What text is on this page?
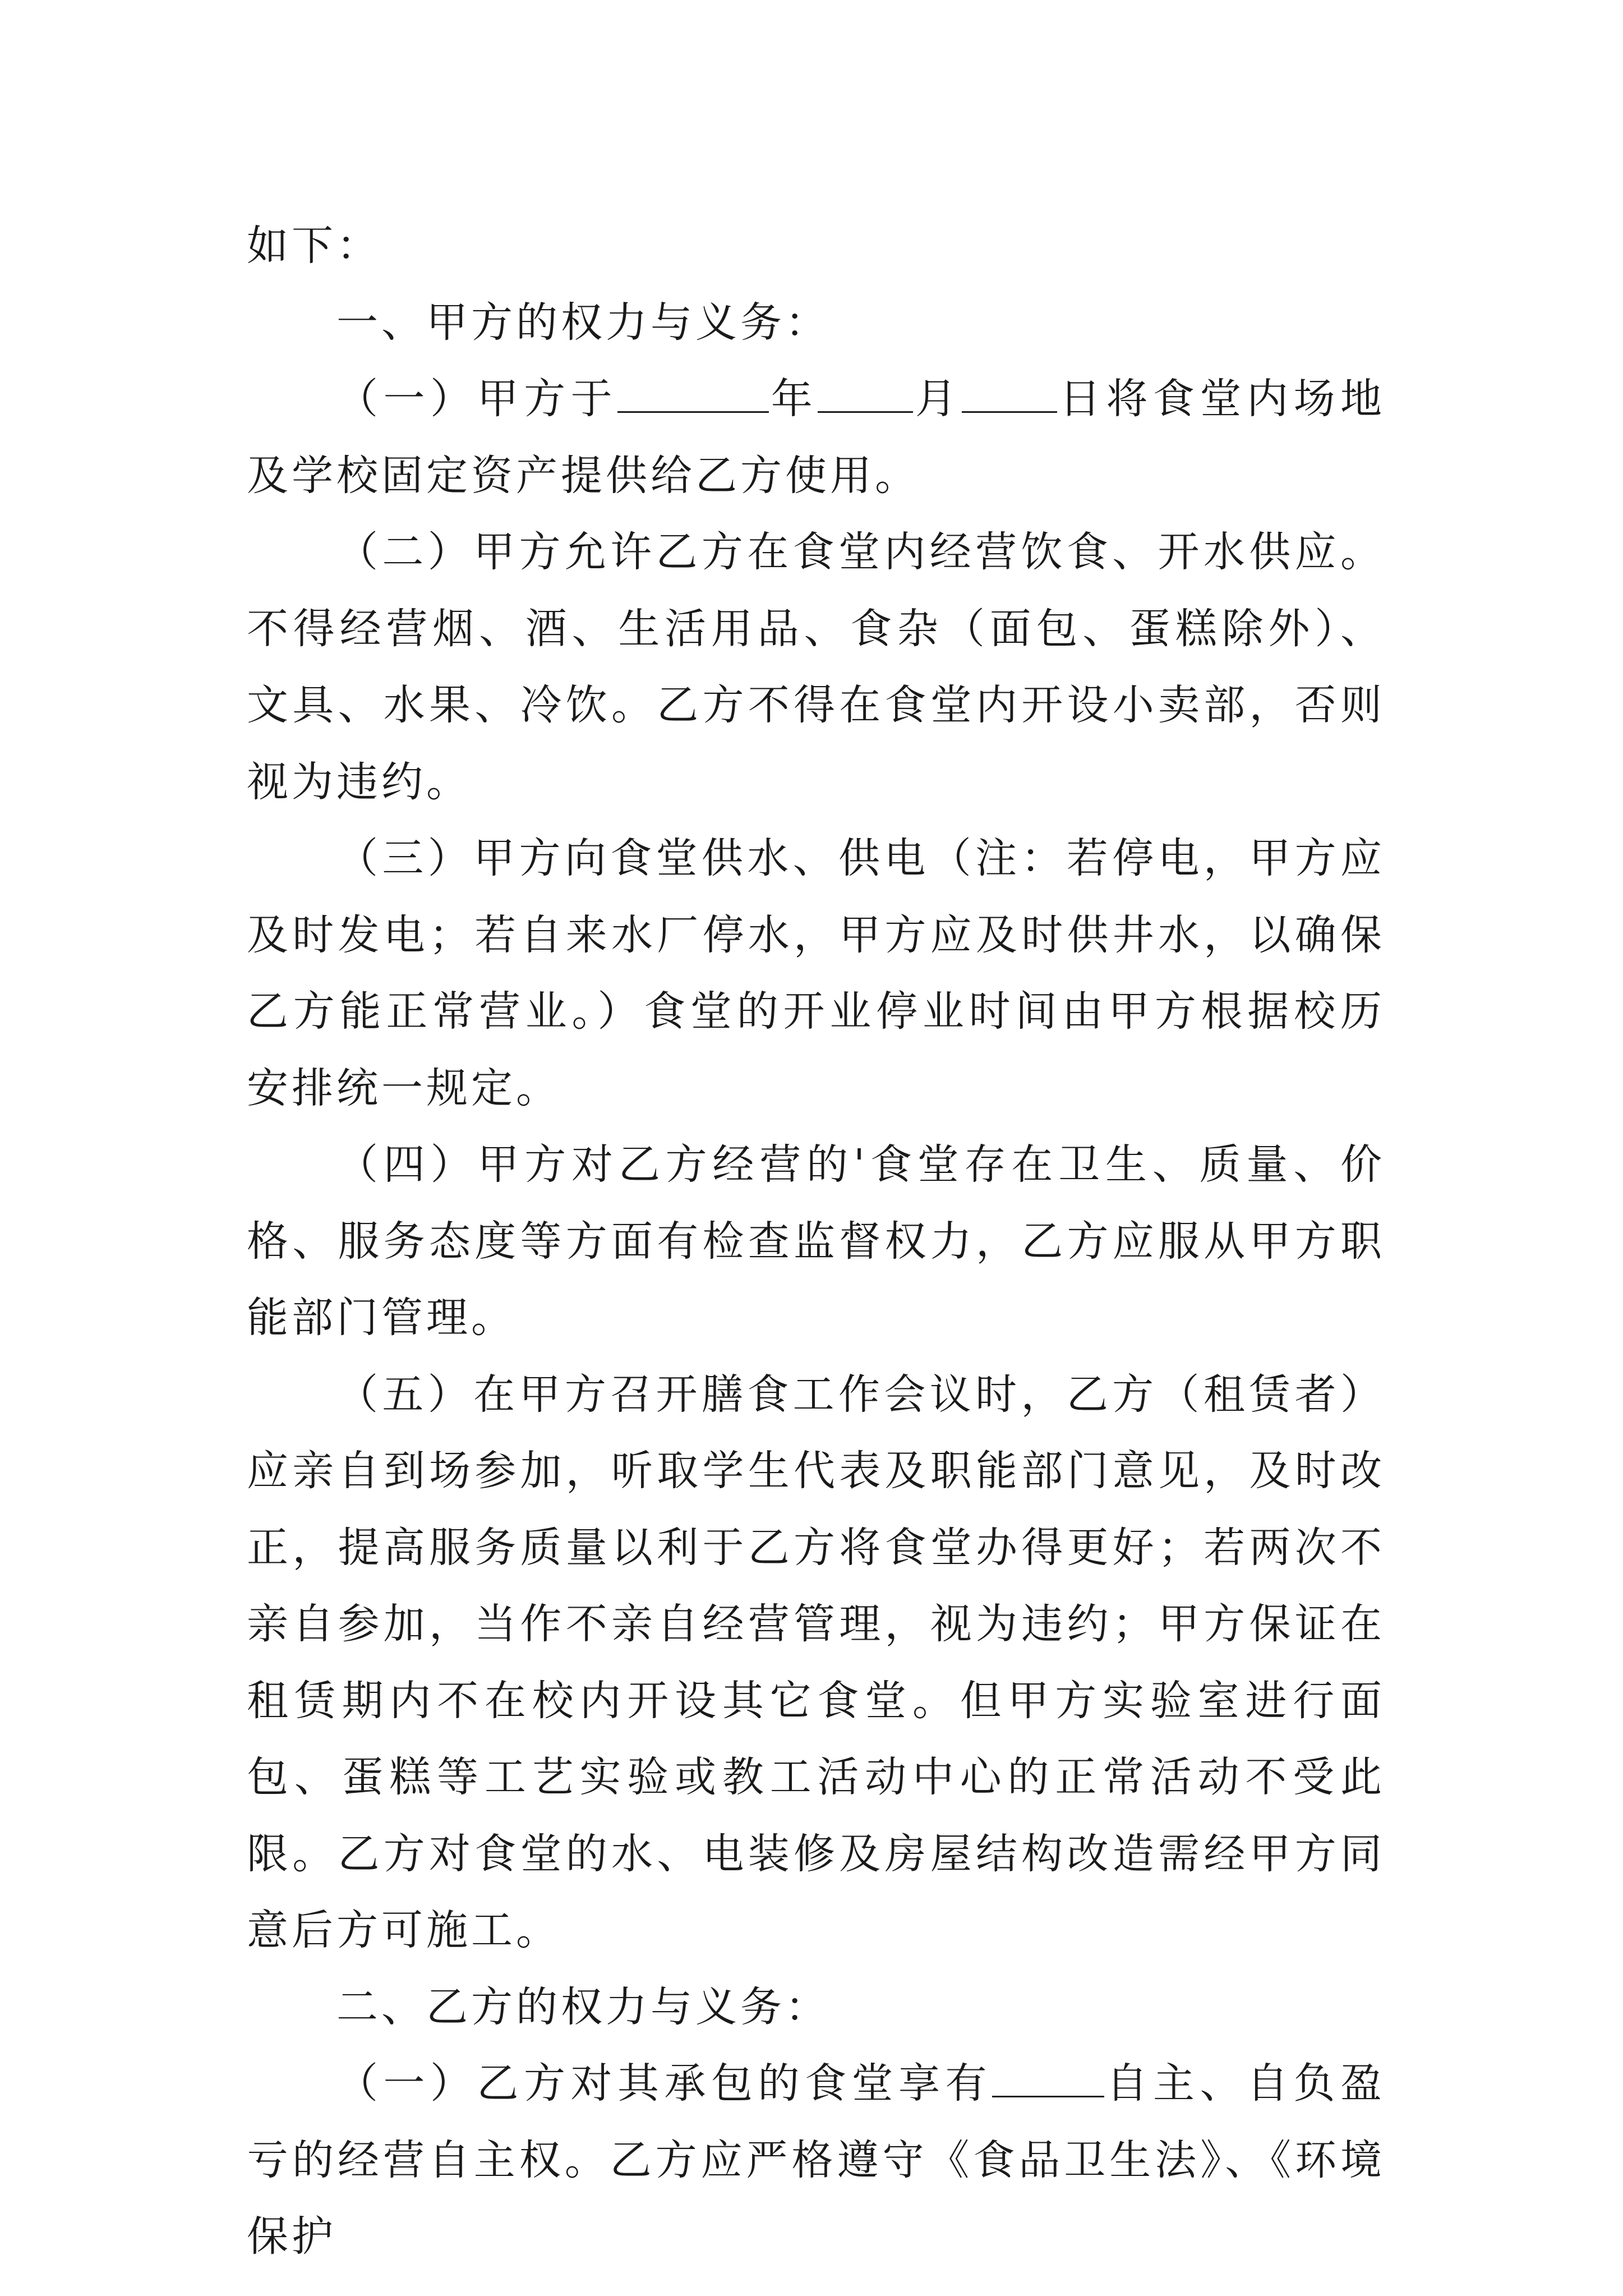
如下：

一、甲方的权力与义务：

（一）甲方于	年 月 日将食堂内场地及学校固定资产提供给乙方使用。

（二）甲方允许乙方在食堂内经营饮食、开水供应。不得经营烟、酒、生活用品、食杂（面包、蛋糕除外）、文具、水果、冷饮。乙方不得在食堂内开设小卖部，否则视为违约。

（三）甲方向食堂供水、供电（注：若停电，甲方应及时发电；若自来水厂停水，甲方应及时供井水，以确保乙方能正常营业。）食堂的开业停业时间由甲方根据校历安排统一规定。

（四）甲方对乙方经营的'食堂存在卫生、质量、价格、服务态度等方面有检查监督权力，乙方应服从甲方职能部门管理。

（五）在甲方召开膳食工作会议时，乙方（租赁者）应亲自到场参加，听取学生代表及职能部门意见，及时改正，提高服务质量以利于乙方将食堂办得更好；若两次不亲自参加，当作不亲自经营管理，视为违约；甲方保证在租赁期内不在校内开设其它食堂。但甲方实验室进行面包、蛋糕等工艺实验或教工活动中心的正常活动不受此限。乙方对食堂的水、电装修及房屋结构改造需经甲方同意后方可施工。

二、乙方的权力与义务：

（一）乙方对其承包的食堂享有	自主、自负盈亏的经营自主权。乙方应严格遵守《食品卫生法》、《环境保护
